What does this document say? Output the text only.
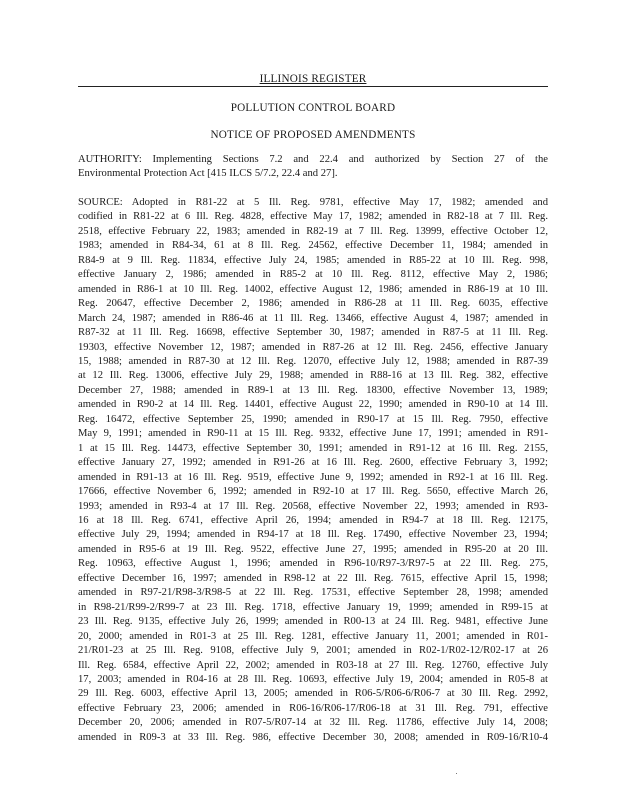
ILLINOIS REGISTER
POLLUTION CONTROL BOARD
NOTICE OF PROPOSED AMENDMENTS
AUTHORITY: Implementing Sections 7.2 and 22.4 and authorized by Section 27 of the
Environmental Protection Act [415 ILCS 5/7.2, 22.4 and 27].
SOURCE: Adopted in R81-22 at 5 Ill. Reg. 9781, effective May 17, 1982; amended and
codified in R81-22 at 6 Ill. Reg. 4828, effective May 17, 1982; amended in R82-18 at 7 Ill. Reg.
2518, effective February 22, 1983; amended in R82-19 at 7 Ill. Reg. 13999, effective October 12,
1983; amended in R84-34, 61 at 8 Ill. Reg. 24562, effective December 11, 1984; amended in
R84-9 at 9 Ill. Reg. 11834, effective July 24, 1985; amended in R85-22 at 10 Ill. Reg. 998,
effective January 2, 1986; amended in R85-2 at 10 Ill. Reg. 8112, effective May 2, 1986;
amended in R86-1 at 10 Ill. Reg. 14002, effective August 12, 1986; amended in R86-19 at 10 Ill.
Reg. 20647, effective December 2, 1986; amended in R86-28 at 11 Ill. Reg. 6035, effective
March 24, 1987; amended in R86-46 at 11 Ill. Reg. 13466, effective August 4, 1987; amended in
R87-32 at 11 Ill. Reg. 16698, effective September 30, 1987; amended in R87-5 at 11 Ill. Reg.
19303, effective November 12, 1987; amended in R87-26 at 12 Ill. Reg. 2456, effective January
15, 1988; amended in R87-30 at 12 Ill. Reg. 12070, effective July 12, 1988; amended in R87-39
at 12 Ill. Reg. 13006, effective July 29, 1988; amended in R88-16 at 13 Ill. Reg. 382, effective
December 27, 1988; amended in R89-1 at 13 Ill. Reg. 18300, effective November 13, 1989;
amended in R90-2 at 14 Ill. Reg. 14401, effective August 22, 1990; amended in R90-10 at 14 Ill.
Reg. 16472, effective September 25, 1990; amended in R90-17 at 15 Ill. Reg. 7950, effective
May 9, 1991; amended in R90-11 at 15 Ill. Reg. 9332, effective June 17, 1991; amended in R91-
1 at 15 Ill. Reg. 14473, effective September 30, 1991; amended in R91-12 at 16 Ill. Reg. 2155,
effective January 27, 1992; amended in R91-26 at 16 Ill. Reg. 2600, effective February 3, 1992;
amended in R91-13 at 16 Ill. Reg. 9519, effective June 9, 1992; amended in R92-1 at 16 Ill. Reg.
17666, effective November 6, 1992; amended in R92-10 at 17 Ill. Reg. 5650, effective March 26,
1993; amended in R93-4 at 17 Ill. Reg. 20568, effective November 22, 1993; amended in R93-
16 at 18 Ill. Reg. 6741, effective April 26, 1994; amended in R94-7 at 18 Ill. Reg. 12175,
effective July 29, 1994; amended in R94-17 at 18 Ill. Reg. 17490, effective November 23, 1994;
amended in R95-6 at 19 Ill. Reg. 9522, effective June 27, 1995; amended in R95-20 at 20 Ill.
Reg. 10963, effective August 1, 1996; amended in R96-10/R97-3/R97-5 at 22 Ill. Reg. 275,
effective December 16, 1997; amended in R98-12 at 22 Ill. Reg. 7615, effective April 15, 1998;
amended in R97-21/R98-3/R98-5 at 22 Ill. Reg. 17531, effective September 28, 1998; amended
in R98-21/R99-2/R99-7 at 23 Ill. Reg. 1718, effective January 19, 1999; amended in R99-15 at
23 Ill. Reg. 9135, effective July 26, 1999; amended in R00-13 at 24 Ill. Reg. 9481, effective June
20, 2000; amended in R01-3 at 25 Ill. Reg. 1281, effective January 11, 2001; amended in R01-
21/R01-23 at 25 Ill. Reg. 9108, effective July 9, 2001; amended in R02-1/R02-12/R02-17 at 26
Ill. Reg. 6584, effective April 22, 2002; amended in R03-18 at 27 Ill. Reg. 12760, effective July
17, 2003; amended in R04-16 at 28 Ill. Reg. 10693, effective July 19, 2004; amended in R05-8 at
29 Ill. Reg. 6003, effective April 13, 2005; amended in R06-5/R06-6/R06-7 at 30 Ill. Reg. 2992,
effective February 23, 2006; amended in R06-16/R06-17/R06-18 at 31 Ill. Reg. 791, effective
December 20, 2006; amended in R07-5/R07-14 at 32 Ill. Reg. 11786, effective July 14, 2008;
amended in R09-3 at 33 Ill. Reg. 986, effective December 30, 2008; amended in R09-16/R10-4
